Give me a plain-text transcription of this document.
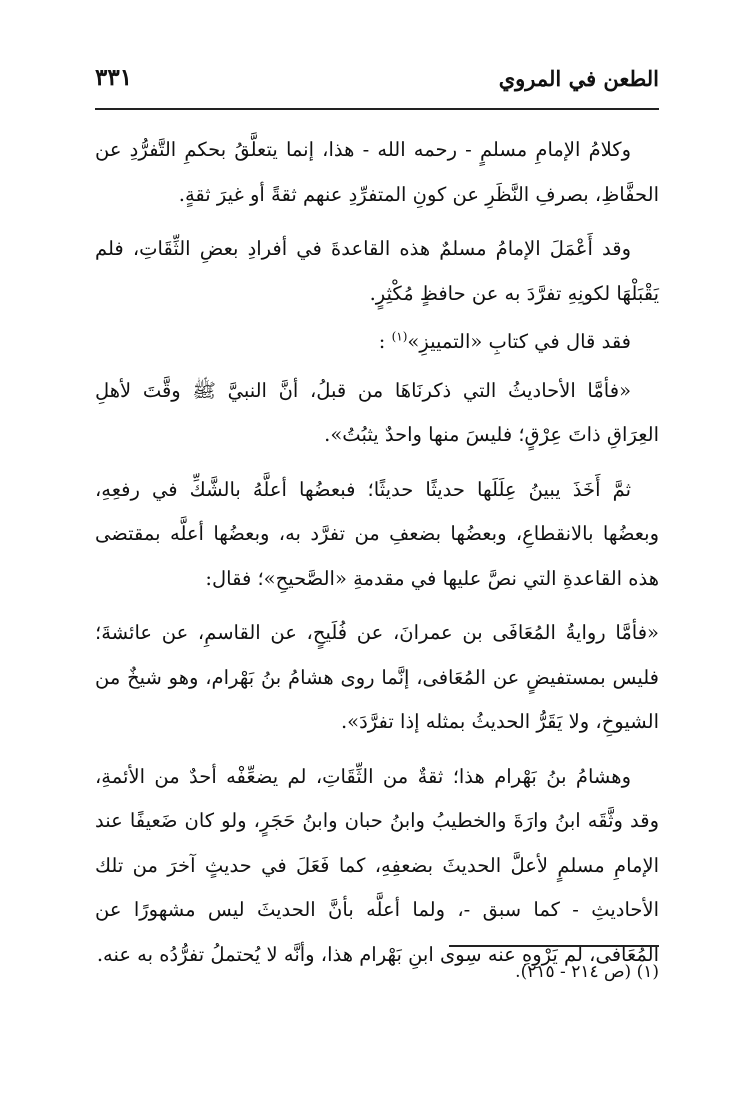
الطعن في المروي
٣٣١

وكلامُ الإمامِ مسلمٍ - رحمه الله - هذا، إنما يتعلَّقُ بحكمِ التَّفرُّدِ عن الحفَّاظِ، بصرفِ النَّظَرِ عن كونِ المتفرِّدِ عنهم ثقةً أو غيرَ ثقةٍ.

وقد أَعْمَلَ الإمامُ مسلمٌ هذه القاعدةَ في أفرادِ بعضِ الثِّقَاتِ، فلم يَقْبَلْهَا لكونِهِ تفرَّدَ به عن حافظٍ مُكْثِرٍ.

فقد قال في كتابِ «التمييزِ»$^{(١)}$ :

«فأمَّا الأحاديثُ التي ذكرنَاهَا من قبلُ، أنَّ النبيَّ ﷺ وقَّتَ لأهلِ العِرَاقِ ذاتَ عِرْقٍ؛ فليسَ منها واحدٌ يثبُتُ».

ثمَّ أَخَذَ يبينُ عِلَلَها حديثًا حديثًا؛ فبعضُها أعلَّهُ بالشَّكِّ في رفعِهِ، وبعضُها بالانقطاعِ، وبعضُها بضعفِ من تفرَّد به، وبعضُها أعلَّه بمقتضى هذه القاعدةِ التي نصَّ عليها في مقدمةِ «الصَّحيحِ»؛ فقال:

«فأمَّا روايةُ المُعَافَى بن عمرانَ، عن فُلَيحٍ، عن القاسمِ، عن عائشةَ؛ فليس بمستفيضٍ عن المُعَافى، إنَّما روى هشامُ بنُ بَهْرام، وهو شيخٌ من الشيوخِ، ولا يَقَرُّ الحديثُ بمثله إذا تفرَّدَ».

وهشامُ بنُ بَهْرام هذا؛ ثقةٌ من الثِّقَاتِ، لم يضعِّفْه أحدٌ من الأئمةِ، وقد وثَّقَه ابنُ وارَةَ والخطيبُ وابنُ حبان وابنُ حَجَرٍ، ولو كان ضَعيفًا عند الإمامِ مسلمٍ لأعلَّ الحديثَ بضعفِهِ، كما فَعَلَ في حديثٍ آخرَ من تلك الأحاديثِ - كما سبق -، ولما أعلَّه بأنَّ الحديثَ ليس مشهورًا عن المُعَافى، لم يَرْوِهِ عنه سِوى ابنِ بَهْرام هذا، وأنَّه لا يُحتملُ تفرُّدُه به عنه.

(١) (ص ٢١٤ - ٢١٥).
